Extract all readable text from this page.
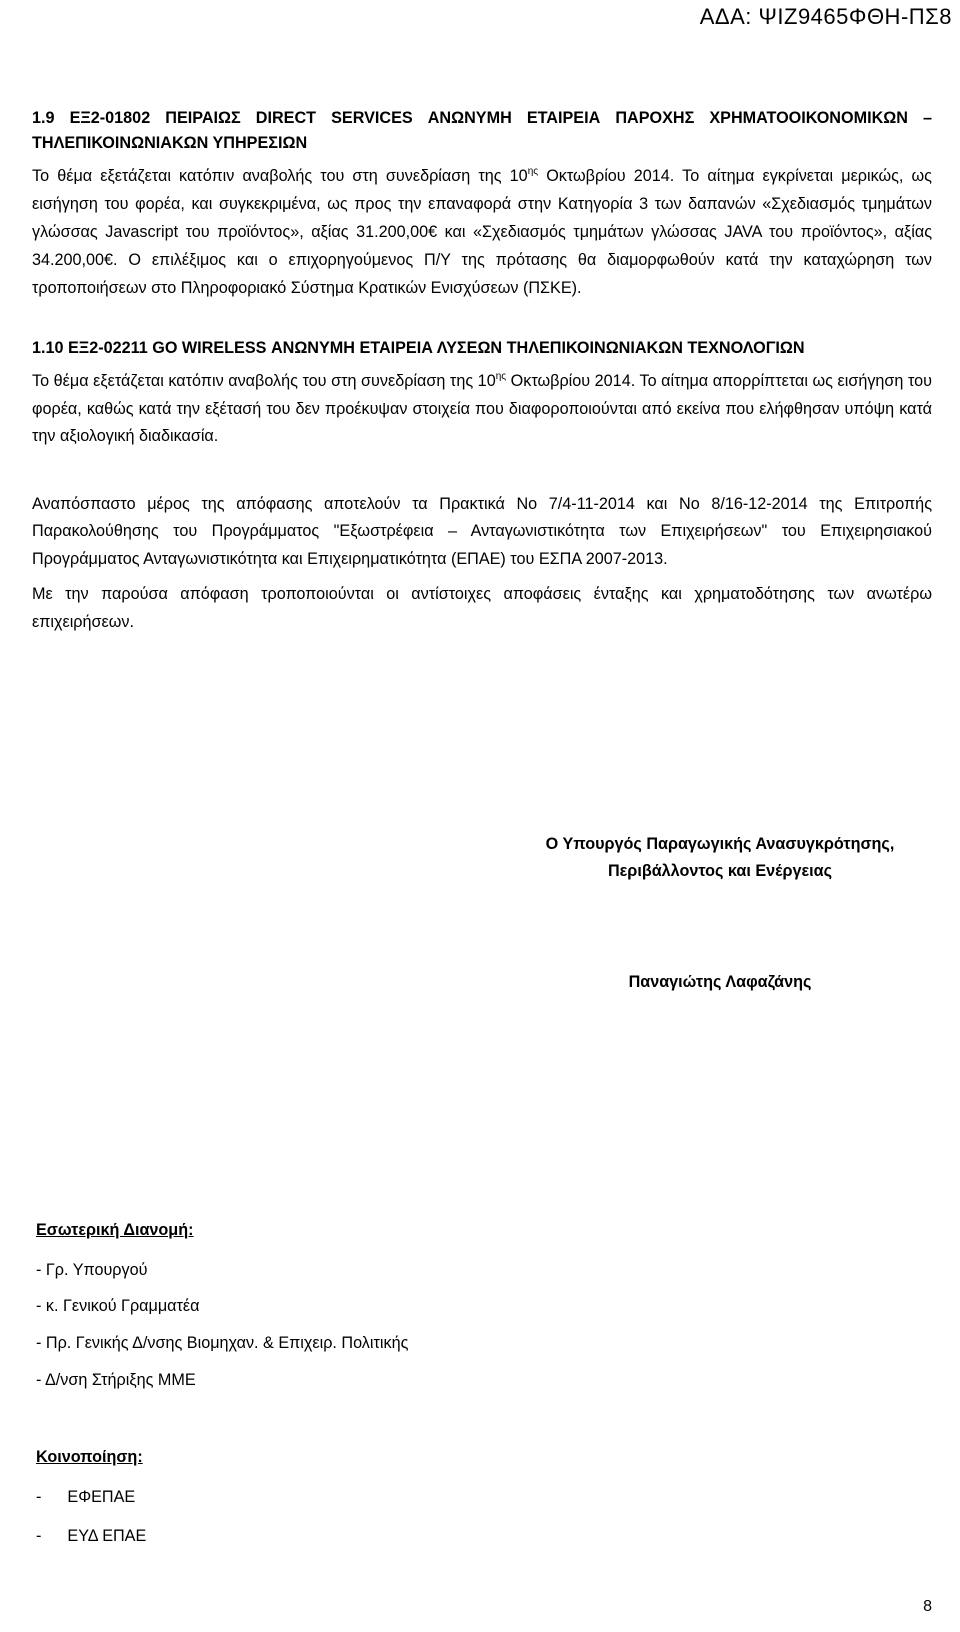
ΑΔΑ: ΨΙΖ9465ΦΘΗ-ΠΣ8

1.9 ΕΞ2-01802 ΠΕΙΡΑΙΩΣ DIRECT SERVICES ΑΝΩΝΥΜΗ ΕΤΑΙΡΕΙΑ ΠΑΡΟΧΗΣ ΧΡΗΜΑΤΟΟΙΚΟΝΟΜΙΚΩΝ – ΤΗΛΕΠΙΚΟΙΝΩΝΙΑΚΩΝ ΥΠΗΡΕΣΙΩΝ

Το θέμα εξετάζεται κατόπιν αναβολής του στη συνεδρίαση της $10^{\eta\varsigma}$ Οκτωβρίου 2014. Το αίτημα εγκρίνεται μερικώς, ως εισήγηση του φορέα, και συγκεκριμένα, ως προς την επαναφορά στην Κατηγορία 3 των δαπανών «Σχεδιασμός τμημάτων γλώσσας Javascript του προϊόντος», αξίας 31.200,00€ και «Σχεδιασμός τμημάτων γλώσσας JAVA του προϊόντος», αξίας 34.200,00€. Ο επιλέξιμος και ο επιχορηγούμενος Π/Υ της πρότασης θα διαμορφωθούν κατά την καταχώρηση των τροποποιήσεων στο Πληροφοριακό Σύστημα Κρατικών Ενισχύσεων (ΠΣΚΕ).

1.10 ΕΞ2-02211 GO WIRELESS ΑΝΩΝΥΜΗ ΕΤΑΙΡΕΙΑ ΛΥΣΕΩΝ ΤΗΛΕΠΙΚΟΙΝΩΝΙΑΚΩΝ ΤΕΧΝΟΛΟΓΙΩΝ

Το θέμα εξετάζεται κατόπιν αναβολής του στη συνεδρίαση της $10^{\eta\varsigma}$ Οκτωβρίου 2014. Το αίτημα απορρίπτεται ως εισήγηση του φορέα, καθώς κατά την εξέτασή του δεν προέκυψαν στοιχεία που διαφοροποιούνται από εκείνα που ελήφθησαν υπόψη κατά την αξιολογική διαδικασία.

Αναπόσπαστο μέρος της απόφασης αποτελούν τα Πρακτικά Νο 7/4-11-2014 και Νο 8/16-12-2014 της Επιτροπής Παρακολούθησης του Προγράμματος "Εξωστρέφεια – Ανταγωνιστικότητα των Επιχειρήσεων" του Επιχειρησιακού Προγράμματος Ανταγωνιστικότητα και Επιχειρηματικότητα (ΕΠΑΕ) του ΕΣΠΑ 2007-2013.

Με την παρούσα απόφαση τροποποιούνται οι αντίστοιχες αποφάσεις ένταξης και χρηματοδότησης των ανωτέρω επιχειρήσεων.

Ο Υπουργός Παραγωγικής Ανασυγκρότησης,
Περιβάλλοντος και Ενέργειας
Παναγιώτης Λαφαζάνης
Εσωτερική Διανομή:
- Γρ. Υπουργού
- κ. Γενικού Γραμματέα
- Πρ. Γενικής Δ/νσης Βιομηχαν. & Επιχειρ. Πολιτικής
- Δ/νση Στήριξης ΜΜΕ
Κοινοποίηση:
- ΕΦΕΠΑΕ
- ΕΥΔ ΕΠΑΕ
8
